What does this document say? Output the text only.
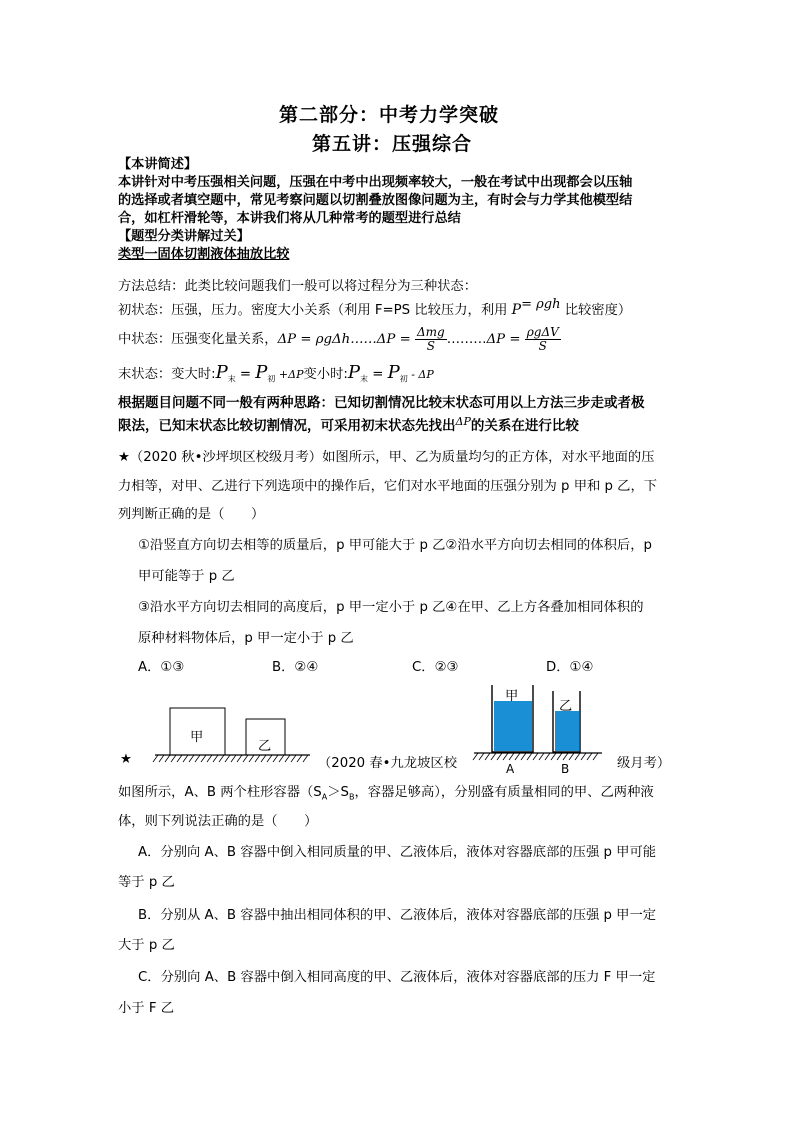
第二部分：中考力学突破
第五讲：压强综合
【本讲简述】
本讲针对中考压强相关问题，压强在中考中出现频率较大，一般在考试中出现都会以压轴
的选择或者填空题中，常见考察问题以切割叠放图像问题为主，有时会与力学其他模型结
合，如杠杆滑轮等，本讲我们将从几种常考的题型进行总结
【题型分类讲解过关】
类型一固体切割液体抽放比较
方法总结：此类比较问题我们一般可以将过程分为三种状态：
初状态：压强，压力。密度大小关系（利用 F=PS 比较压力，利用 P= ρgh 比较密度）
中状态：压强变化量关系，ΔP = ρgΔh……ΔP = $\frac{\text{Δmg}}{S}$ ………ΔP = $\frac{\text{ρgΔV}}{S}$
末状态：变大时$:P_末 = P_初 +\Delta P$变小时$:P_末 = P_初 - \Delta P$
根据题目问题不同一般有两种思路：已知切割情况比较末状态可用以上方法三步走或者极
限法，已知末状态比较切割情况，可采用初末状态先找出$^{\Delta P}$的关系在进行比较
★（2020 秋•沙坪坝区校级月考）如图所示，甲、乙为质量均匀的正方体，对水平地面的压
力相等，对甲、乙进行下列选项中的操作后，它们对水平地面的压强分别为 p 甲和 p 乙，下
列判断正确的是（　　）
①沿竖直方向切去相等的质量后，p 甲可能大于 p 乙②沿水平方向切去相同的体积后，p
甲可能等于 p 乙
③沿水平方向切去相同的高度后，p 甲一定小于 p 乙④在甲、乙上方各叠加相同体积的
原种材料物体后，p 甲一定小于 p 乙
A．①③	B．②④	C．②③	D．①④
甲
乙
★	（2020 春•九龙坡区校	级月考）
甲
乙
A	B
如图所示，A、B 两个柱形容器（$S_A>S_B$，容器足够高），分别盛有质量相同的甲、乙两种液
体，则下列说法正确的是（　　）
A．分别向 A、B 容器中倒入相同质量的甲、乙液体后，液体对容器底部的压强 p 甲可能
等于 p 乙
B．分别从 A、B 容器中抽出相同体积的甲、乙液体后，液体对容器底部的压强 p 甲一定
大于 p 乙
C．分别向 A、B 容器中倒入相同高度的甲、乙液体后，液体对容器底部的压力 F 甲一定
小于 F 乙
